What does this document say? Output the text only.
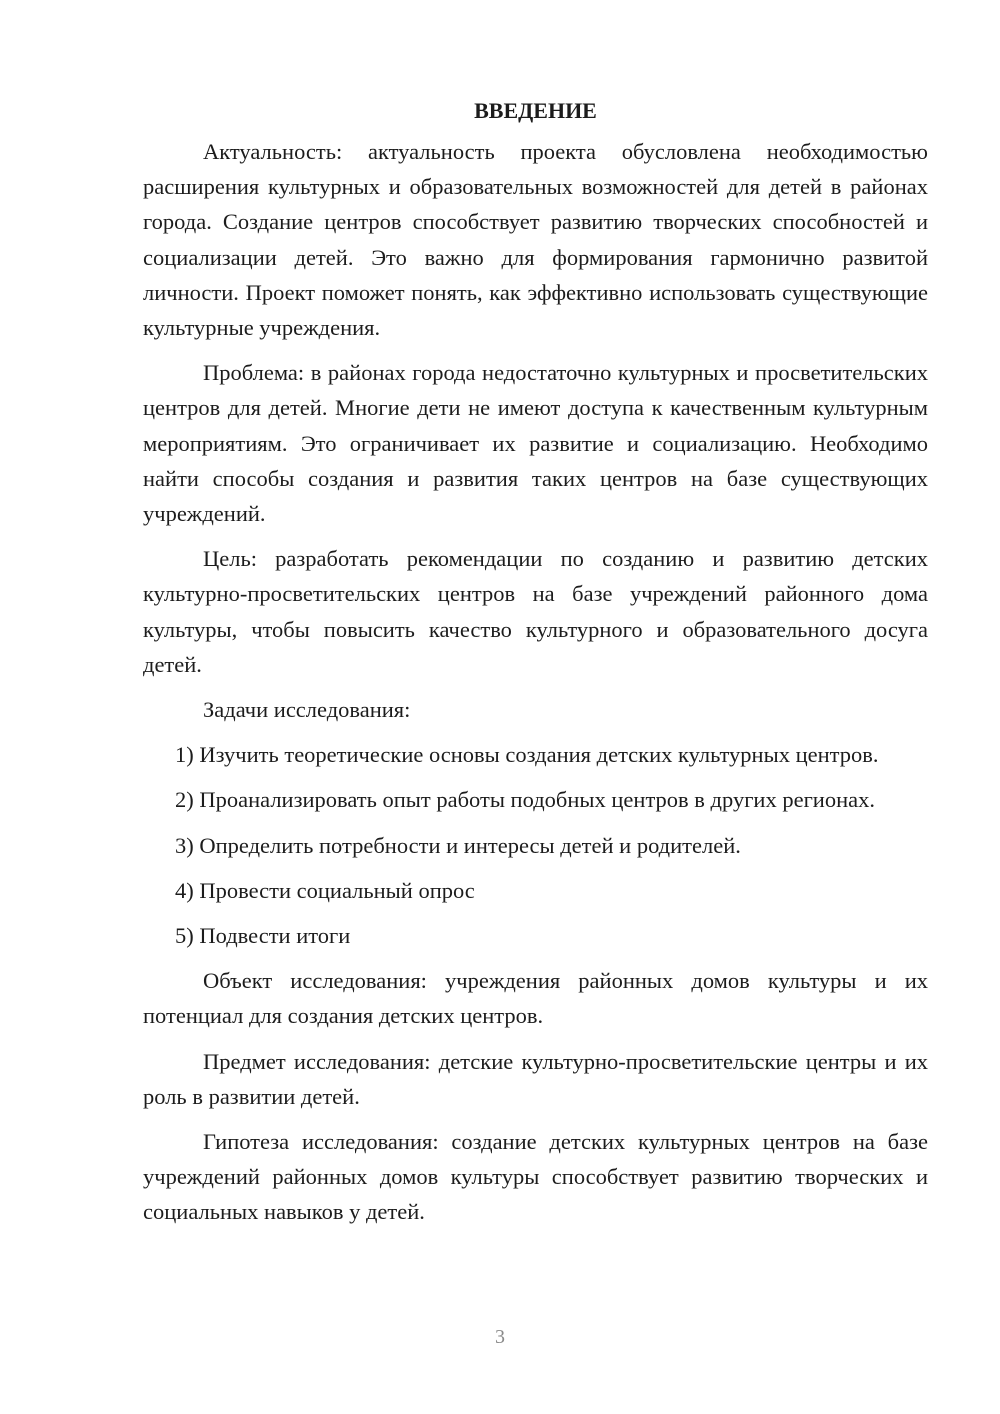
ВВЕДЕНИЕ

Актуальность: актуальность проекта обусловлена необходимостью расширения культурных и образовательных возможностей для детей в районах города. Создание центров способствует развитию творческих способностей и социализации детей. Это важно для формирования гармонично развитой личности. Проект поможет понять, как эффективно использовать существующие культурные учреждения.

Проблема: в районах города недостаточно культурных и просветительских центров для детей. Многие дети не имеют доступа к качественным культурным мероприятиям. Это ограничивает их развитие и социализацию. Необходимо найти способы создания и развития таких центров на базе существующих учреждений.

Цель: разработать рекомендации по созданию и развитию детских культурно-просветительских центров на базе учреждений районного дома культуры, чтобы повысить качество культурного и образовательного досуга детей.

Задачи исследования:

1) Изучить теоретические основы создания детских культурных центров.

2) Проанализировать опыт работы подобных центров в других регионах.

3) Определить потребности и интересы детей и родителей.

4) Провести социальный опрос

5) Подвести итоги

Объект исследования: учреждения районных домов культуры и их потенциал для создания детских центров.

Предмет исследования: детские культурно-просветительские центры и их роль в развитии детей.

Гипотеза исследования: создание детских культурных центров на базе учреждений районных домов культуры способствует развитию творческих и социальных навыков у детей.

3
